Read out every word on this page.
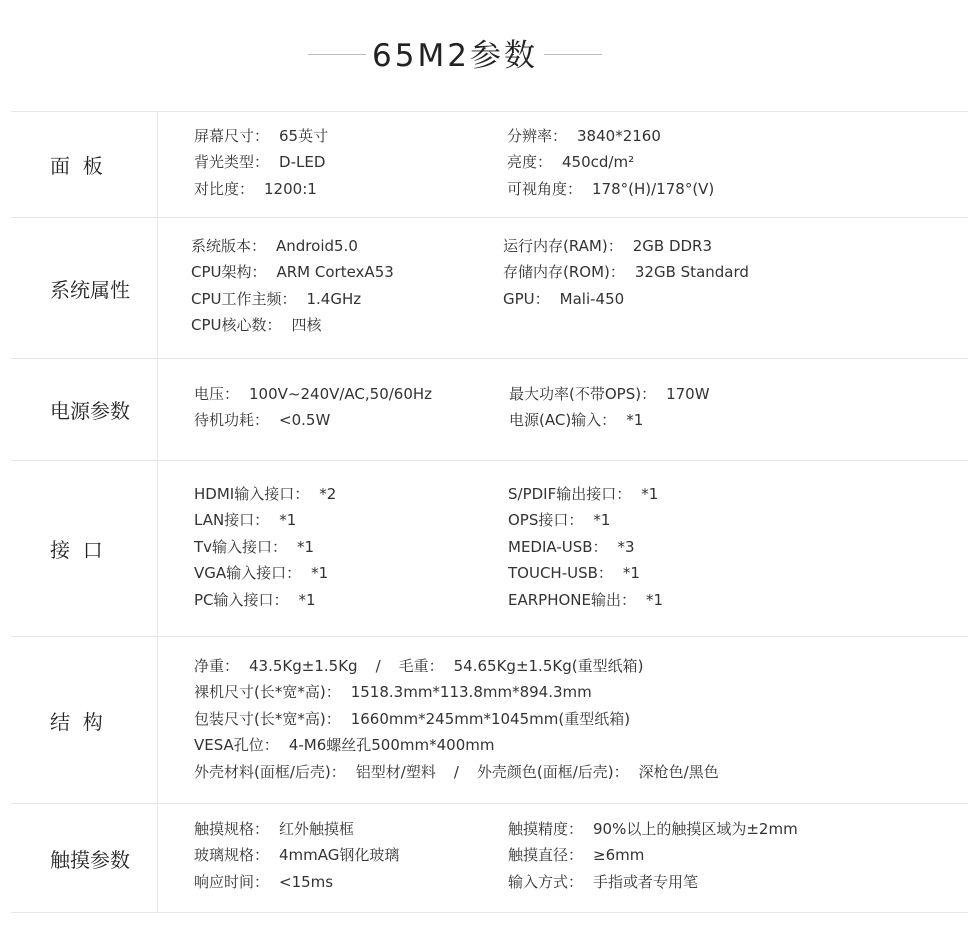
65M2参数
面  板
屏幕尺寸： 65英寸
背光类型： D-LED
对比度： 1200:1
分辨率： 3840*2160
亮度： 450cd/m²
可视角度： 178°(H)/178°(V)
系统属性
系统版本： Android5.0
CPU架构： ARM CortexA53
CPU工作主频： 1.4GHz
CPU核心数： 四核
运行内存(RAM)： 2GB DDR3
存储内存(ROM)： 32GB Standard
GPU： Mali-450
电源参数
电压： 100V~240V/AC,50/60Hz
待机功耗： <0.5W
最大功率(不带OPS)： 170W
电源(AC)输入： *1
接  口
HDMI输入接口： *2
LAN接口： *1
Tv输入接口： *1
VGA输入接口： *1
PC输入接口： *1
S/PDIF输出接口： *1
OPS接口： *1
MEDIA-USB： *3
TOUCH-USB： *1
EARPHONE输出： *1
结  构
净重： 43.5Kg±1.5Kg / 毛重： 54.65Kg±1.5Kg(重型纸箱)
裸机尺寸(长*宽*高)： 1518.3mm*113.8mm*894.3mm
包装尺寸(长*宽*高)： 1660mm*245mm*1045mm(重型纸箱)
VESA孔位： 4-M6螺丝孔500mm*400mm
外壳材料(面框/后壳)： 铝型材/塑料 / 外壳颜色(面框/后壳)： 深枪色/黑色
触摸参数
触摸规格： 红外触摸框
玻璃规格： 4mmAG钢化玻璃
响应时间： <15ms
触摸精度： 90%以上的触摸区域为±2mm
触摸直径： ≥6mm
输入方式： 手指或者专用笔
